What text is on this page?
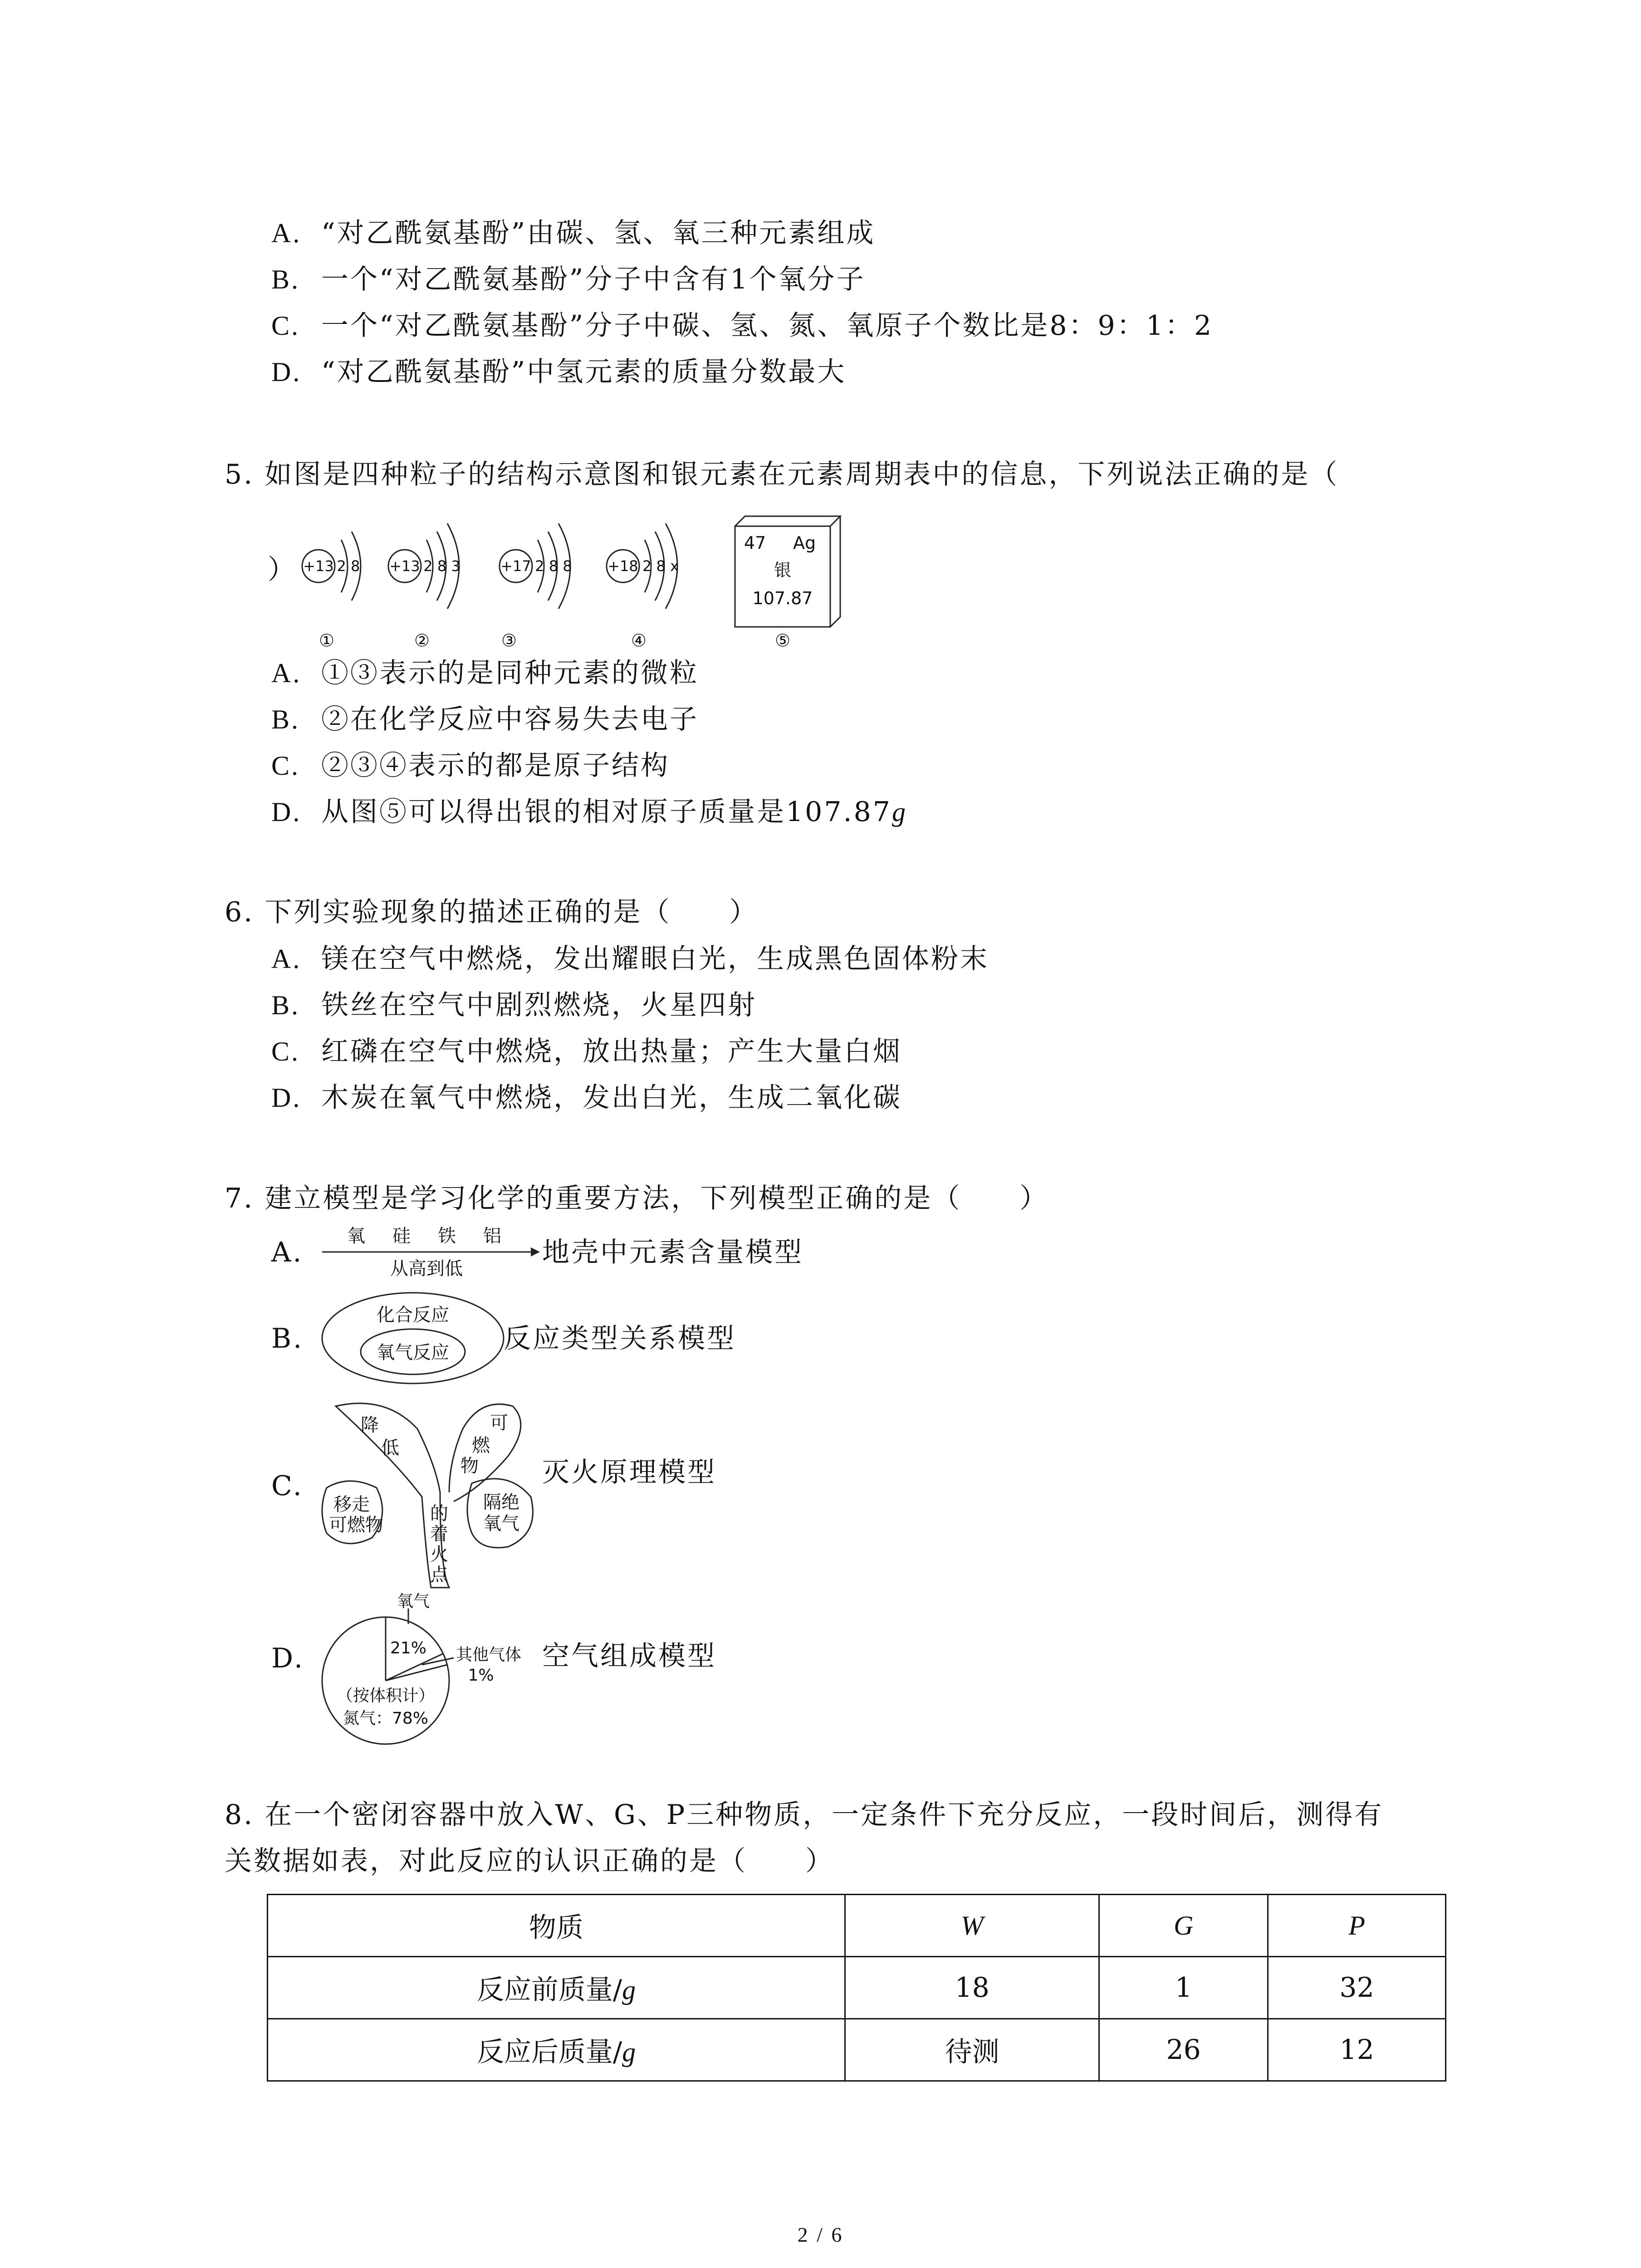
A. “对乙酰氨基酚”由碳、氢、氧三种元素组成
B. 一个“对乙酰氨基酚”分子中含有1个氧分子
C. 一个“对乙酰氨基酚”分子中碳、氢、氮、氧原子个数比是8：9：1：2
D. “对乙酰氨基酚”中氢元素的质量分数最大
5. 如图是四种粒子的结构示意图和银元素在元素周期表中的信息，下列说法正确的是（
） +13 2 8 +13 2 8 3	+17 2 8 8 +18 2 8 x
47 Ag
银
107.87
①	②	③	④	⑤
A. ①③表示的是同种元素的微粒
B. ②在化学反应中容易失去电子
C. ②③④表示的都是原子结构
D. 从图⑤可以得出银的相对原子质量是107.87g
6. 下列实验现象的描述正确的是（　　）
A. 镁在空气中燃烧，发出耀眼白光，生成黑色固体粉末
B. 铁丝在空气中剧烈燃烧，火星四射
C. 红磷在空气中燃烧，放出热量；产生大量白烟
D. 木炭在氧气中燃烧，发出白光，生成二氧化碳
7. 建立模型是学习化学的重要方法，下列模型正确的是（　　）
A.
氧 硅 铁 铝
从高到低
地壳中元素含量模型
B.
化合反应
氧气反应 反应类型关系模型
C.
降
低
可
燃
物
的
着
火
点
移走
可燃物
隔绝
氧气
灭火原理模型
D.
氧气
21% 其他气体
1%
（按体积计）
氮气：78%
空气组成模型
8. 在一个密闭容器中放入W、G、P三种物质，一定条件下充分反应，一段时间后，测得有
关数据如表，对此反应的认识正确的是（　　）
物质	W	G	P
反应前质量/g	18	1	32
反应后质量/g	待测	26	12
2 / 6
